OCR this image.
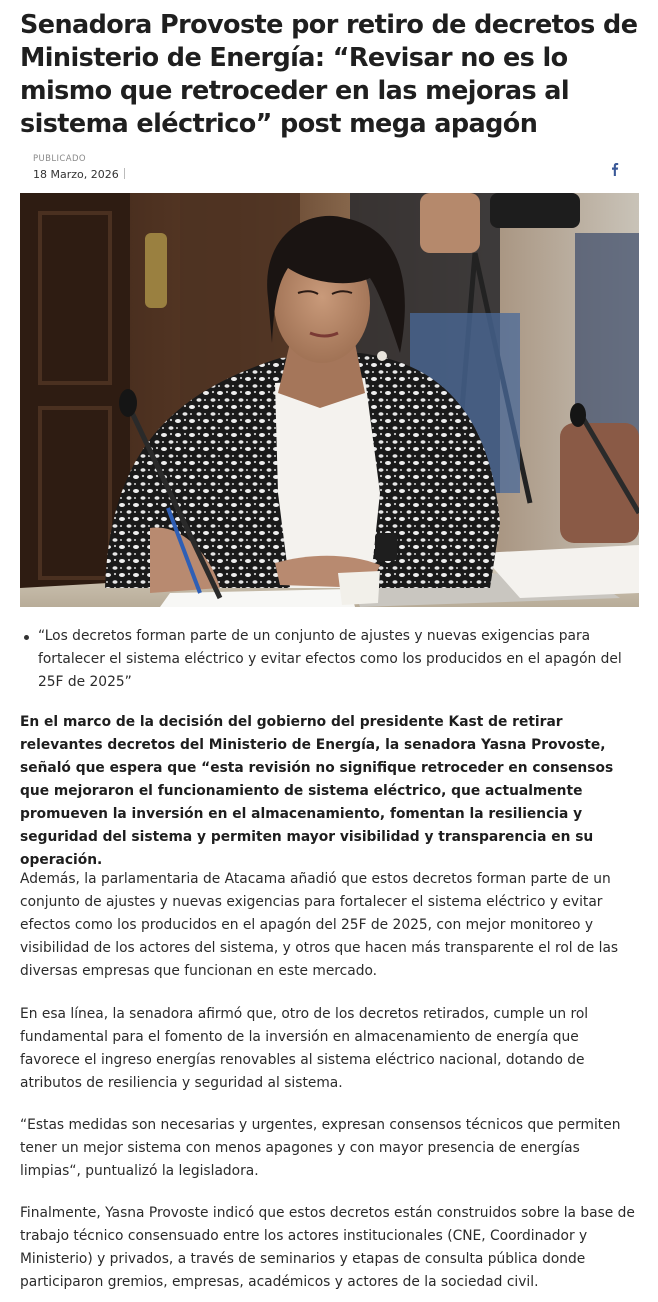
Senadora Provoste por retiro de decretos de Ministerio de Energía: “Revisar no es lo mismo que retroceder en las mejoras al sistema eléctrico” post mega apagón
PUBLICADO
18 Marzo, 2026
“Los decretos forman parte de un conjunto de ajustes y nuevas exigencias para fortalecer el sistema eléctrico y evitar efectos como los producidos en el apagón del 25F de 2025”

En el marco de la decisión del gobierno del presidente Kast de retirar relevantes decretos del Ministerio de Energía, la senadora Yasna Provoste, señaló que espera que “esta revisión no signifique retroceder en consensos que mejoraron el funcionamiento de sistema eléctrico, que actualmente promueven la inversión en el almacenamiento, fomentan la resiliencia y seguridad del sistema y permiten mayor visibilidad y transparencia en su operación.

Además, la parlamentaria de Atacama añadió que estos decretos forman parte de un conjunto de ajustes y nuevas exigencias para fortalecer el sistema eléctrico y evitar efectos como los producidos en el apagón del 25F de 2025, con mejor monitoreo y visibilidad de los actores del sistema, y otros que hacen más transparente el rol de las diversas empresas que funcionan en este mercado.

En esa línea, la senadora afirmó que, otro de los decretos retirados, cumple un rol fundamental para el fomento de la inversión en almacenamiento de energía que favorece el ingreso energías renovables al sistema eléctrico nacional, dotando de atributos de resiliencia y seguridad al sistema.

“Estas medidas son necesarias y urgentes, expresan consensos técnicos que permiten tener un mejor sistema con menos apagones y con mayor presencia de energías limpias“, puntualizó la legisladora.

Finalmente, Yasna Provoste indicó que estos decretos están construidos sobre la base de trabajo técnico consensuado entre los actores institucionales (CNE, Coordinador y Ministerio) y privados, a través de seminarios y etapas de consulta pública donde participaron gremios, empresas, académicos y actores de la sociedad civil.
